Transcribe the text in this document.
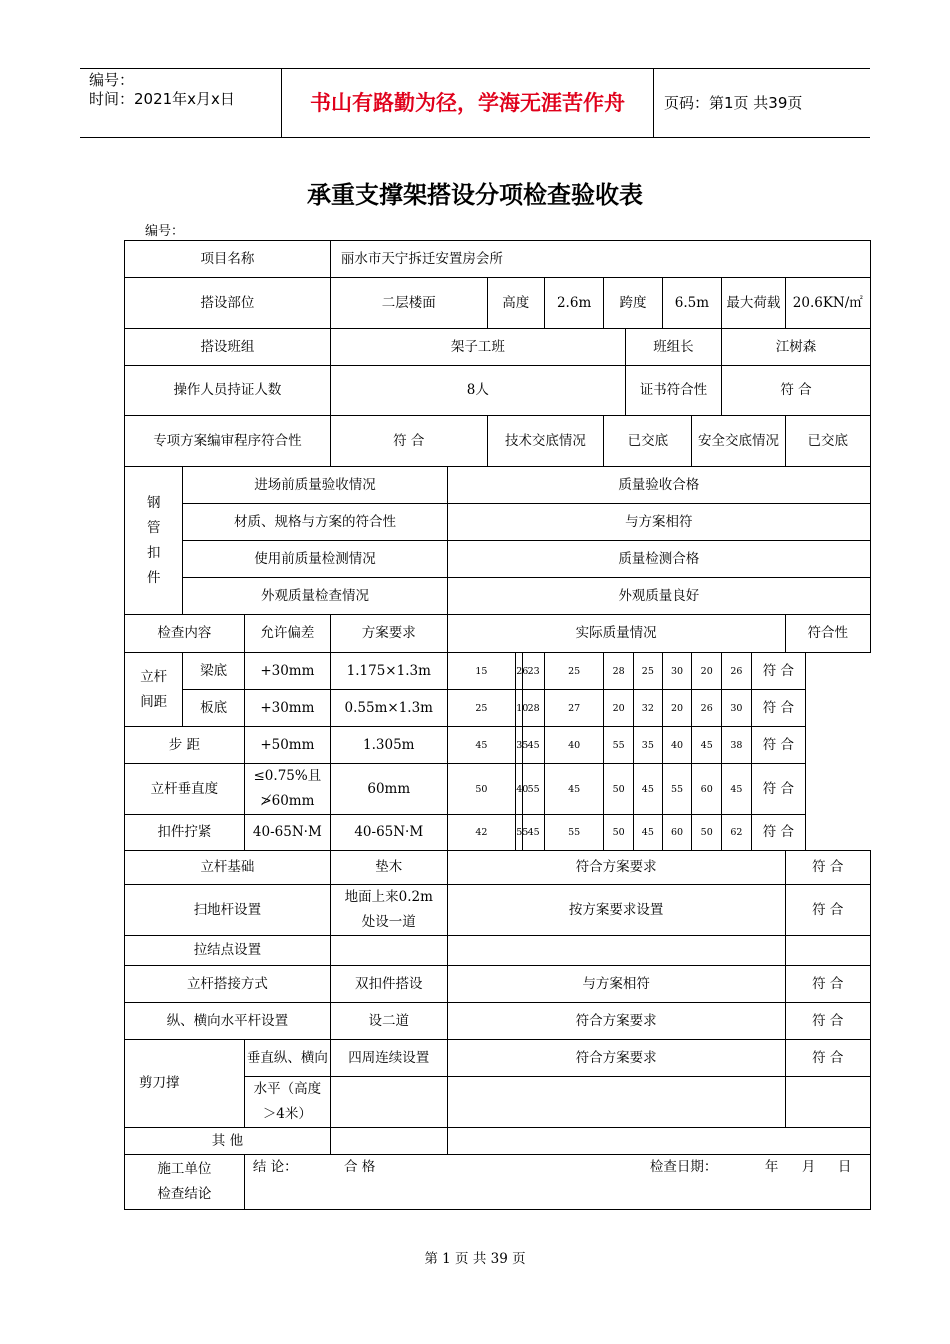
编号：
时间：2021年x月x日	书山有路勤为径，学海无涯苦作舟	页码：第1页 共39页
承重支撑架搭设分项检查验收表
编号：
项目名称			丽水市天宁拆迁安置房会所													
搭设部位			二层楼面		高度			2.6m	跨度			6.5m		最大荷载		20.6KN/㎡
搭设班组			架子工班							班组长				江树森		
操作人员持证人数			8人							证书符合性				符 合		
专项方案编审程序符合性			符 合		技术交底情况				已交底				安全交底情况			已交底
钢管扣件	进场前质量验收情况			质量验收合格												
	材质、规格与方案的符合性			与方案相符												
	使用前质量检测情况			质量检测合格												
	外观质量检查情况			外观质量良好												
检查内容		允许偏差	方案要求	实际质量情况												符合性
立杆间距	梁底	+30mm	1.175×1.3m	15		26	23	25	28		25	30	20	26	符 合	
	板底	+30mm	0.55m×1.3m	25		10	28	27	20		32	20	26	30	符 合	
步 距		+50mm	1.305m	45		35	45	40	55		35	40	45	38	符 合	
立杆垂直度		≤0.75%且≯60mm	60mm	50		40	55	45	50		45	55	60	45	符 合	
扣件拧紧		40-65N·M	40-65N·M	42		55	45	55	50		45	60	50	62	符 合	
立杆基础			垫木	符合方案要求												符 合
扫地杆设置			地面上来0.2m处设一道	按方案要求设置												符 合
拉结点设置																
立杆搭接方式			双扣件搭设	与方案相符												符 合
纵、横向水平杆设置			设二道	符合方案要求												符 合
剪刀撑		垂直纵、横向	四周连续设置	符合方案要求												符 合
		水平（高度＞4米）														
其 他																
施工单位检查结论		结 论： 合 格 检查日期： 年 月 日														
第 1 页 共 39 页
